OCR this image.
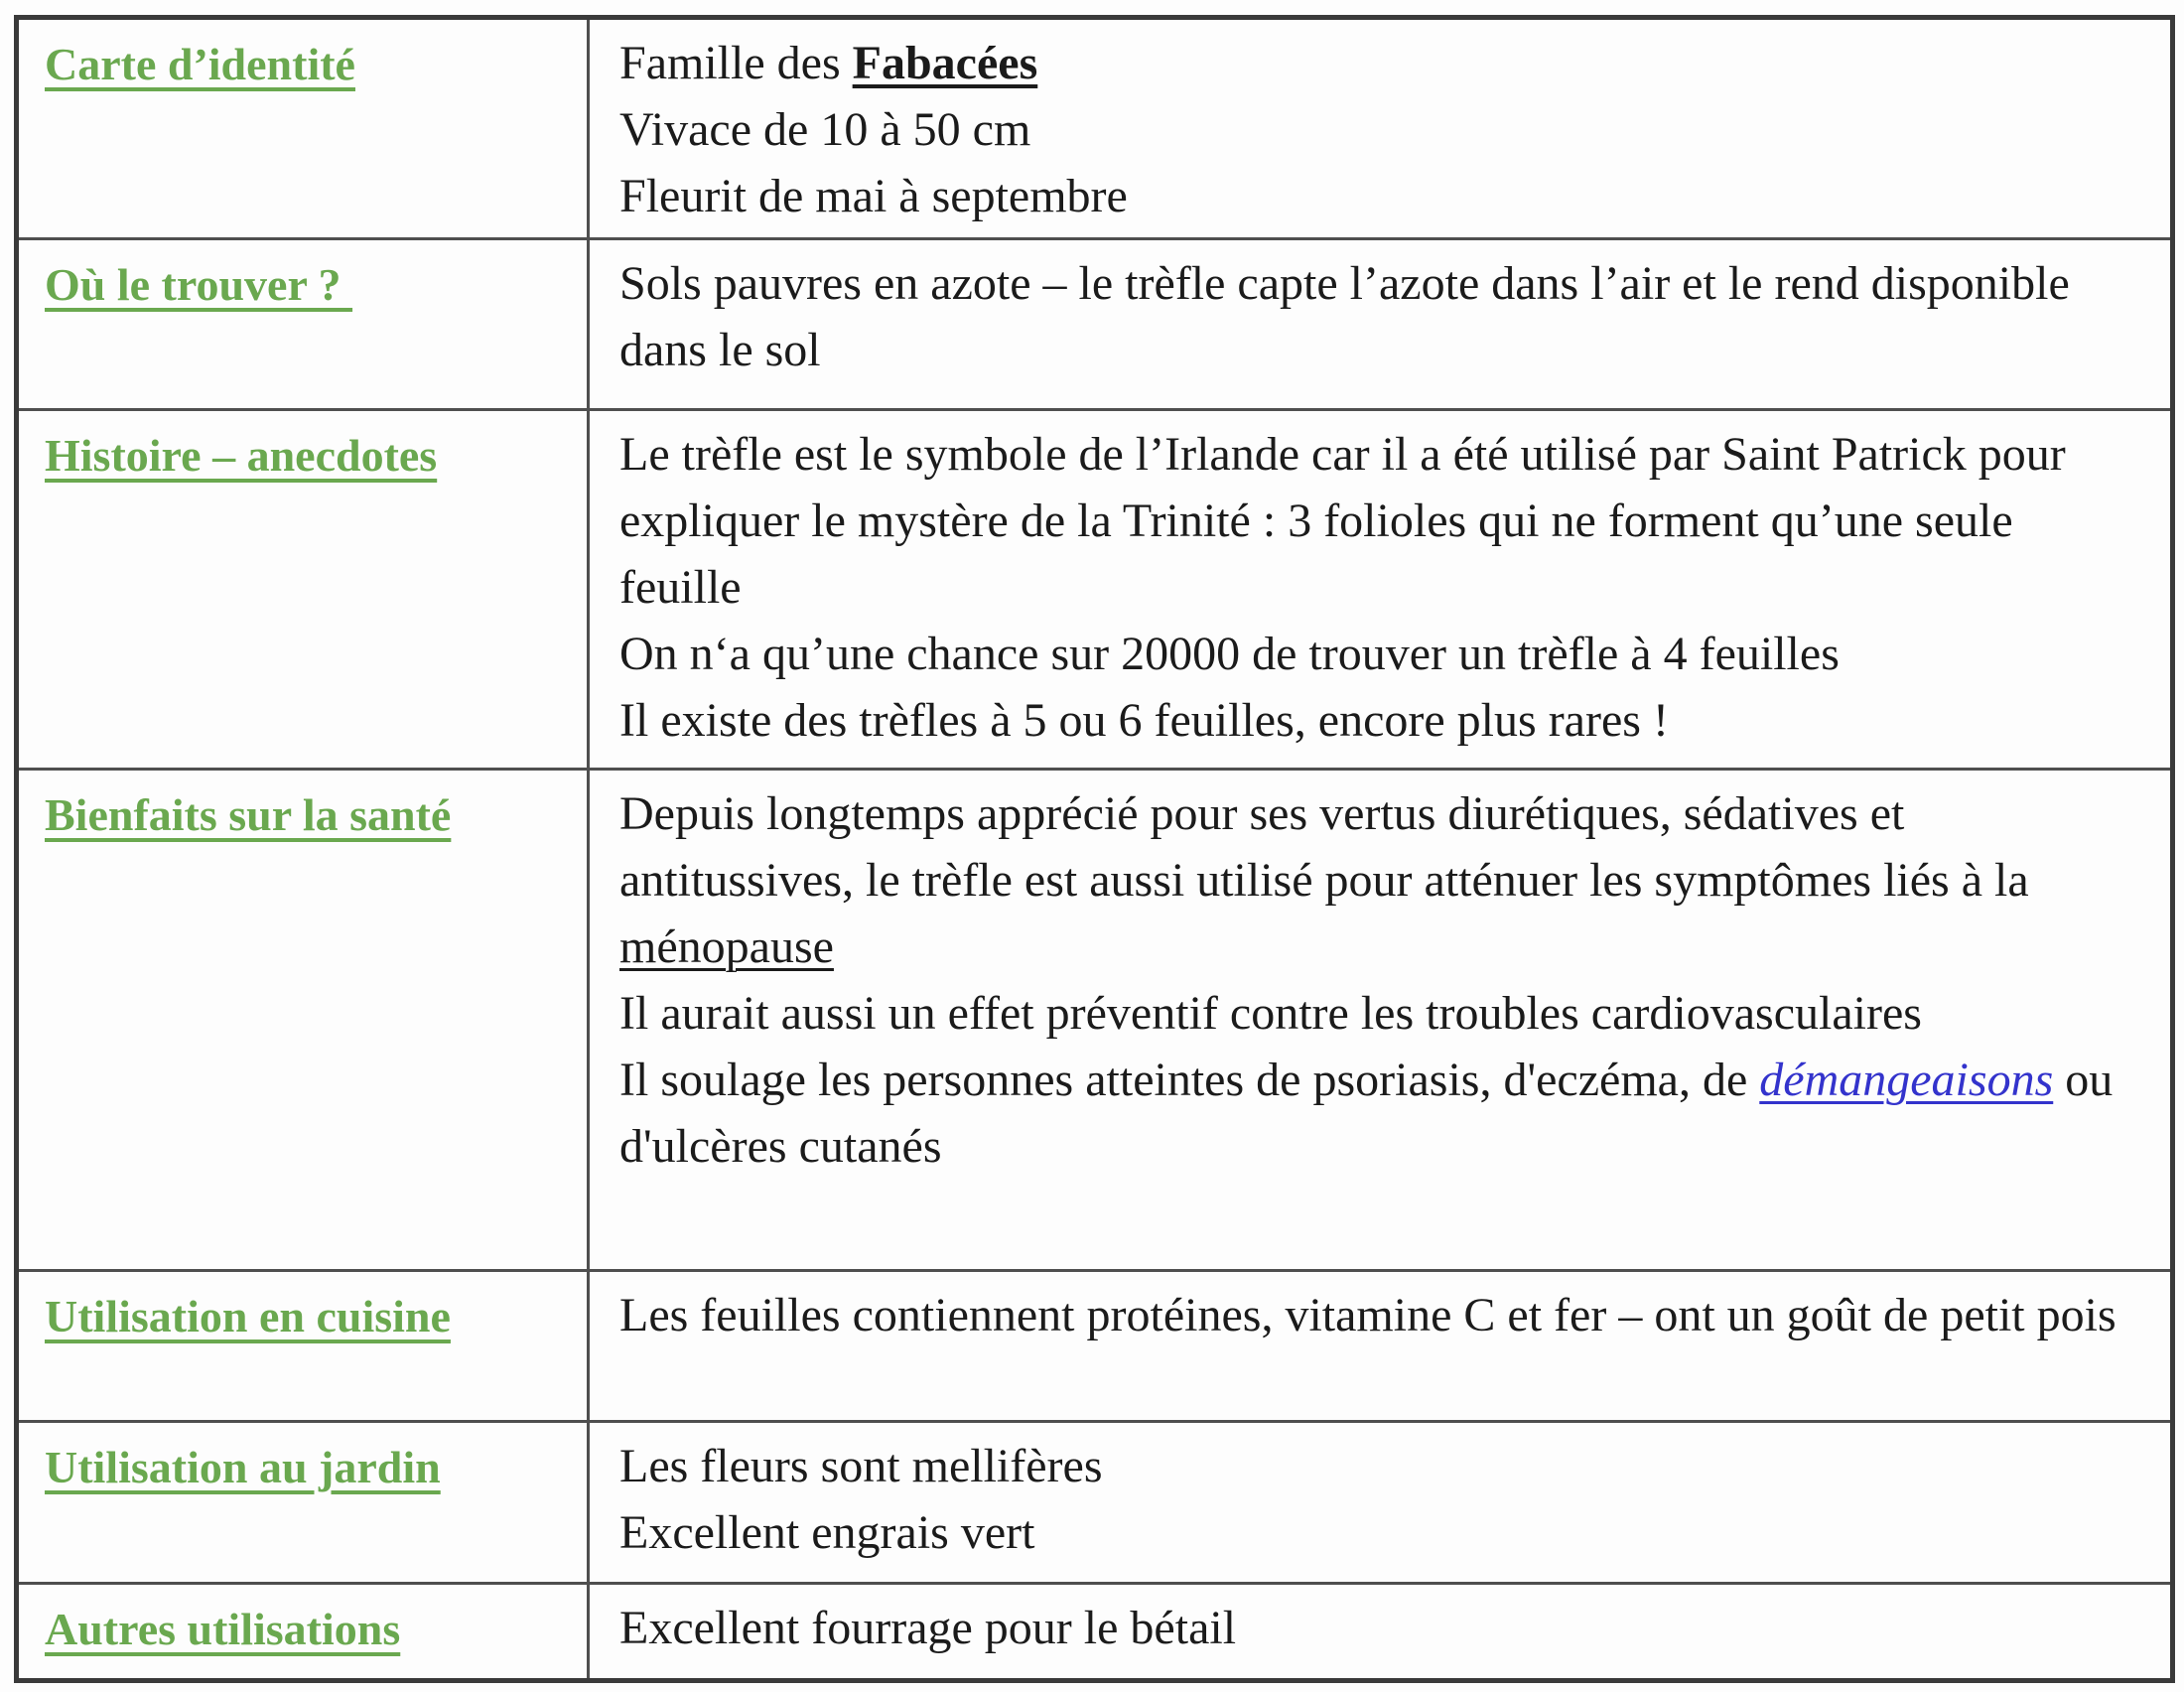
Carte d’identité	Famille des Fabacées

Vivace de 10 à 50 cm

Fleurit de mai à septembre

Où le trouver ?	Sols pauvres en azote – le trèfle capte l’azote dans l’air et le rend disponible dans le sol

Histoire – anecdotes	Le trèfle est le symbole de l’Irlande car il a été utilisé par Saint Patrick pour expliquer le mystère de la Trinité : 3 folioles qui ne forment qu’une seule feuille

On n‘a qu’une chance sur 20000 de trouver un trèfle à 4 feuilles

Il existe des trèfles à 5 ou 6 feuilles, encore plus rares !

Bienfaits sur la santé	Depuis longtemps apprécié pour ses vertus diurétiques, sédatives et antitussives, le trèfle est aussi utilisé pour atténuer les symptômes liés à la ménopause

Il aurait aussi un effet préventif contre les troubles cardiovasculaires

Il soulage les personnes atteintes de psoriasis, d'eczéma, de démangeaisons ou d'ulcères cutanés

Utilisation en cuisine	Les feuilles contiennent protéines, vitamine C et fer – ont un goût de petit pois

Utilisation au jardin	Les fleurs sont mellifères

Excellent engrais vert

Autres utilisations	Excellent fourrage pour le bétail
